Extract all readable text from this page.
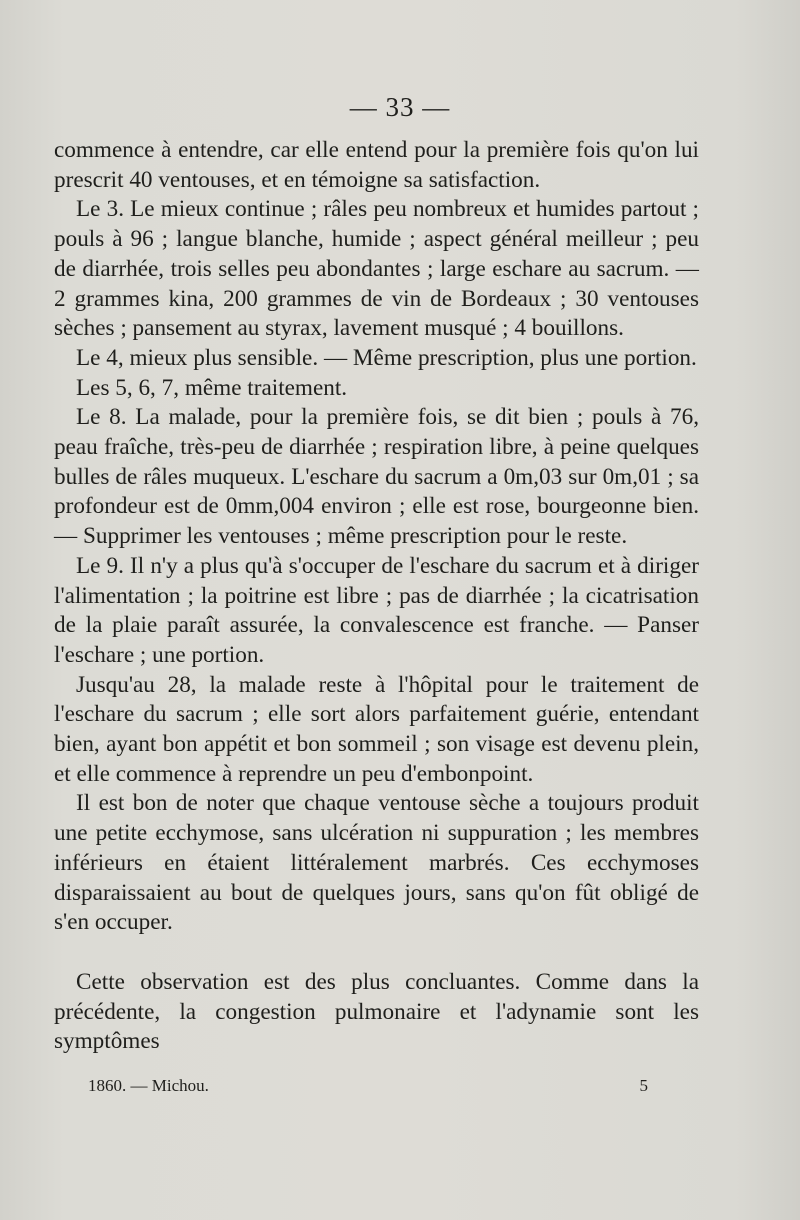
— 33 —

commence à entendre, car elle entend pour la première fois qu'on lui prescrit 40 ventouses, et en témoigne sa satisfaction.

Le 3. Le mieux continue ; râles peu nombreux et humides partout ; pouls à 96 ; langue blanche, humide ; aspect général meilleur ; peu de diarrhée, trois selles peu abondantes ; large eschare au sacrum. — 2 grammes kina, 200 grammes de vin de Bordeaux ; 30 ventouses sèches ; pansement au styrax, lavement musqué ; 4 bouillons.

Le 4, mieux plus sensible. — Même prescription, plus une portion.

Les 5, 6, 7, même traitement.

Le 8. La malade, pour la première fois, se dit bien ; pouls à 76, peau fraîche, très-peu de diarrhée ; respiration libre, à peine quelques bulles de râles muqueux. L'eschare du sacrum a 0m,03 sur 0m,01 ; sa profondeur est de 0mm,004 environ ; elle est rose, bourgeonne bien. — Supprimer les ventouses ; même prescription pour le reste.

Le 9. Il n'y a plus qu'à s'occuper de l'eschare du sacrum et à diriger l'alimentation ; la poitrine est libre ; pas de diarrhée ; la cicatrisation de la plaie paraît assurée, la convalescence est franche. — Panser l'eschare ; une portion.

Jusqu'au 28, la malade reste à l'hôpital pour le traitement de l'eschare du sacrum ; elle sort alors parfaitement guérie, entendant bien, ayant bon appétit et bon sommeil ; son visage est devenu plein, et elle commence à reprendre un peu d'embonpoint.

Il est bon de noter que chaque ventouse sèche a toujours produit une petite ecchymose, sans ulcération ni suppuration ; les membres inférieurs en étaient littéralement marbrés. Ces ecchymoses disparaissaient au bout de quelques jours, sans qu'on fût obligé de s'en occuper.

Cette observation est des plus concluantes. Comme dans la précédente, la congestion pulmonaire et l'adynamie sont les symptômes

1860. — Michou.	5
